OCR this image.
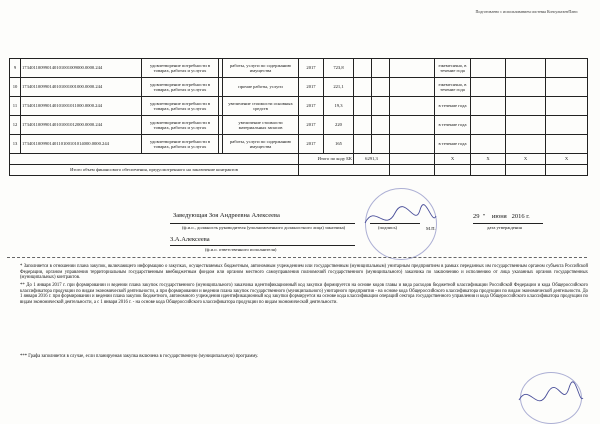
Подготовлено с использованием системы КонсультантПлюс
9	173401100990140101001009000.0000.244	удовлетворение потребности в товарах, работах и услугах		работы, услуги по содержанию имущества	2017	723,8				ежемесячно, в течение года			
10	173401100990140101001001000.0000.244	удовлетворение потребности в товарах, работах и услугах		прочие работы, услуги	2017	221,1				ежемесячно, в течение года			
11	173401100990140101001011000.0000.244	удовлетворение потребности в товарах, работах и услугах		увеличение стоимости основных средств	2017	19,3				в течение года			
12	173401100990140101001012000.0000.244	удовлетворение потребности в товарах, работах и услугах		увеличение стоимости материальных запасов	2017	220				в течение года			
13	173401100990140110100101014000.0000.244	удовлетворение потребности в товарах, работах и услугах		работы, услуги по содержанию имущества	2017	165				в течение года			
					Итого по коду БК		6291,3			X	X	X	X
Итого объем финансового обеспечения, предусмотренного на заключение контрактов													
Заведующая Зоя Андреевна Алексеева
(ф.и.о., должность руководителя (уполномоченного должностного лица) заказчика)	(подпись)	М.П.
29  "    июня 2016 г.
дата утверждения
З.А.Алексеева
(ф.и.о. ответственного исполнителя)
* Заполняется в отношении плана закупок, включающего информацию о закупках, осуществляемых бюджетным, автономным учреждением или государственным (муниципальным) унитарным предприятием в рамках переданных им государственным органом субъекта Российской Федерации, органом управления территориальным государственным внебюджетным фондом или органом местного самоуправления полномочий государственного (муниципального) заказчика по заключению и исполнению от лица указанных органов государственных (муниципальных) контрактов.
** До 1 января 2017 г. при формировании и ведении плана закупок государственного (муниципального) заказчика идентификационный код закупки формируется на основе кодов главы и вида расходов бюджетной классификации Российской Федерации и кода Общероссийского классификатора продукции по видам экономической деятельности, а при формировании и ведении плана закупок государственного (муниципального) унитарного предприятия - на основе кода Общероссийского классификатора продукции по видам экономической деятельности. До 1 января 2016 г. при формировании и ведении плана закупок бюджетного, автономного учреждения идентификационный код закупки формируется на основе кода классификации операций сектора государственного управления и кода Общероссийского классификатора продукции по видам экономической деятельности, а с 1 января 2016 г. - на основе кода Общероссийского классификатора продукции по видам экономической деятельности.
*** Графа заполняется в случае, если планируемая закупка включена в государственную (муниципальную) программу.
